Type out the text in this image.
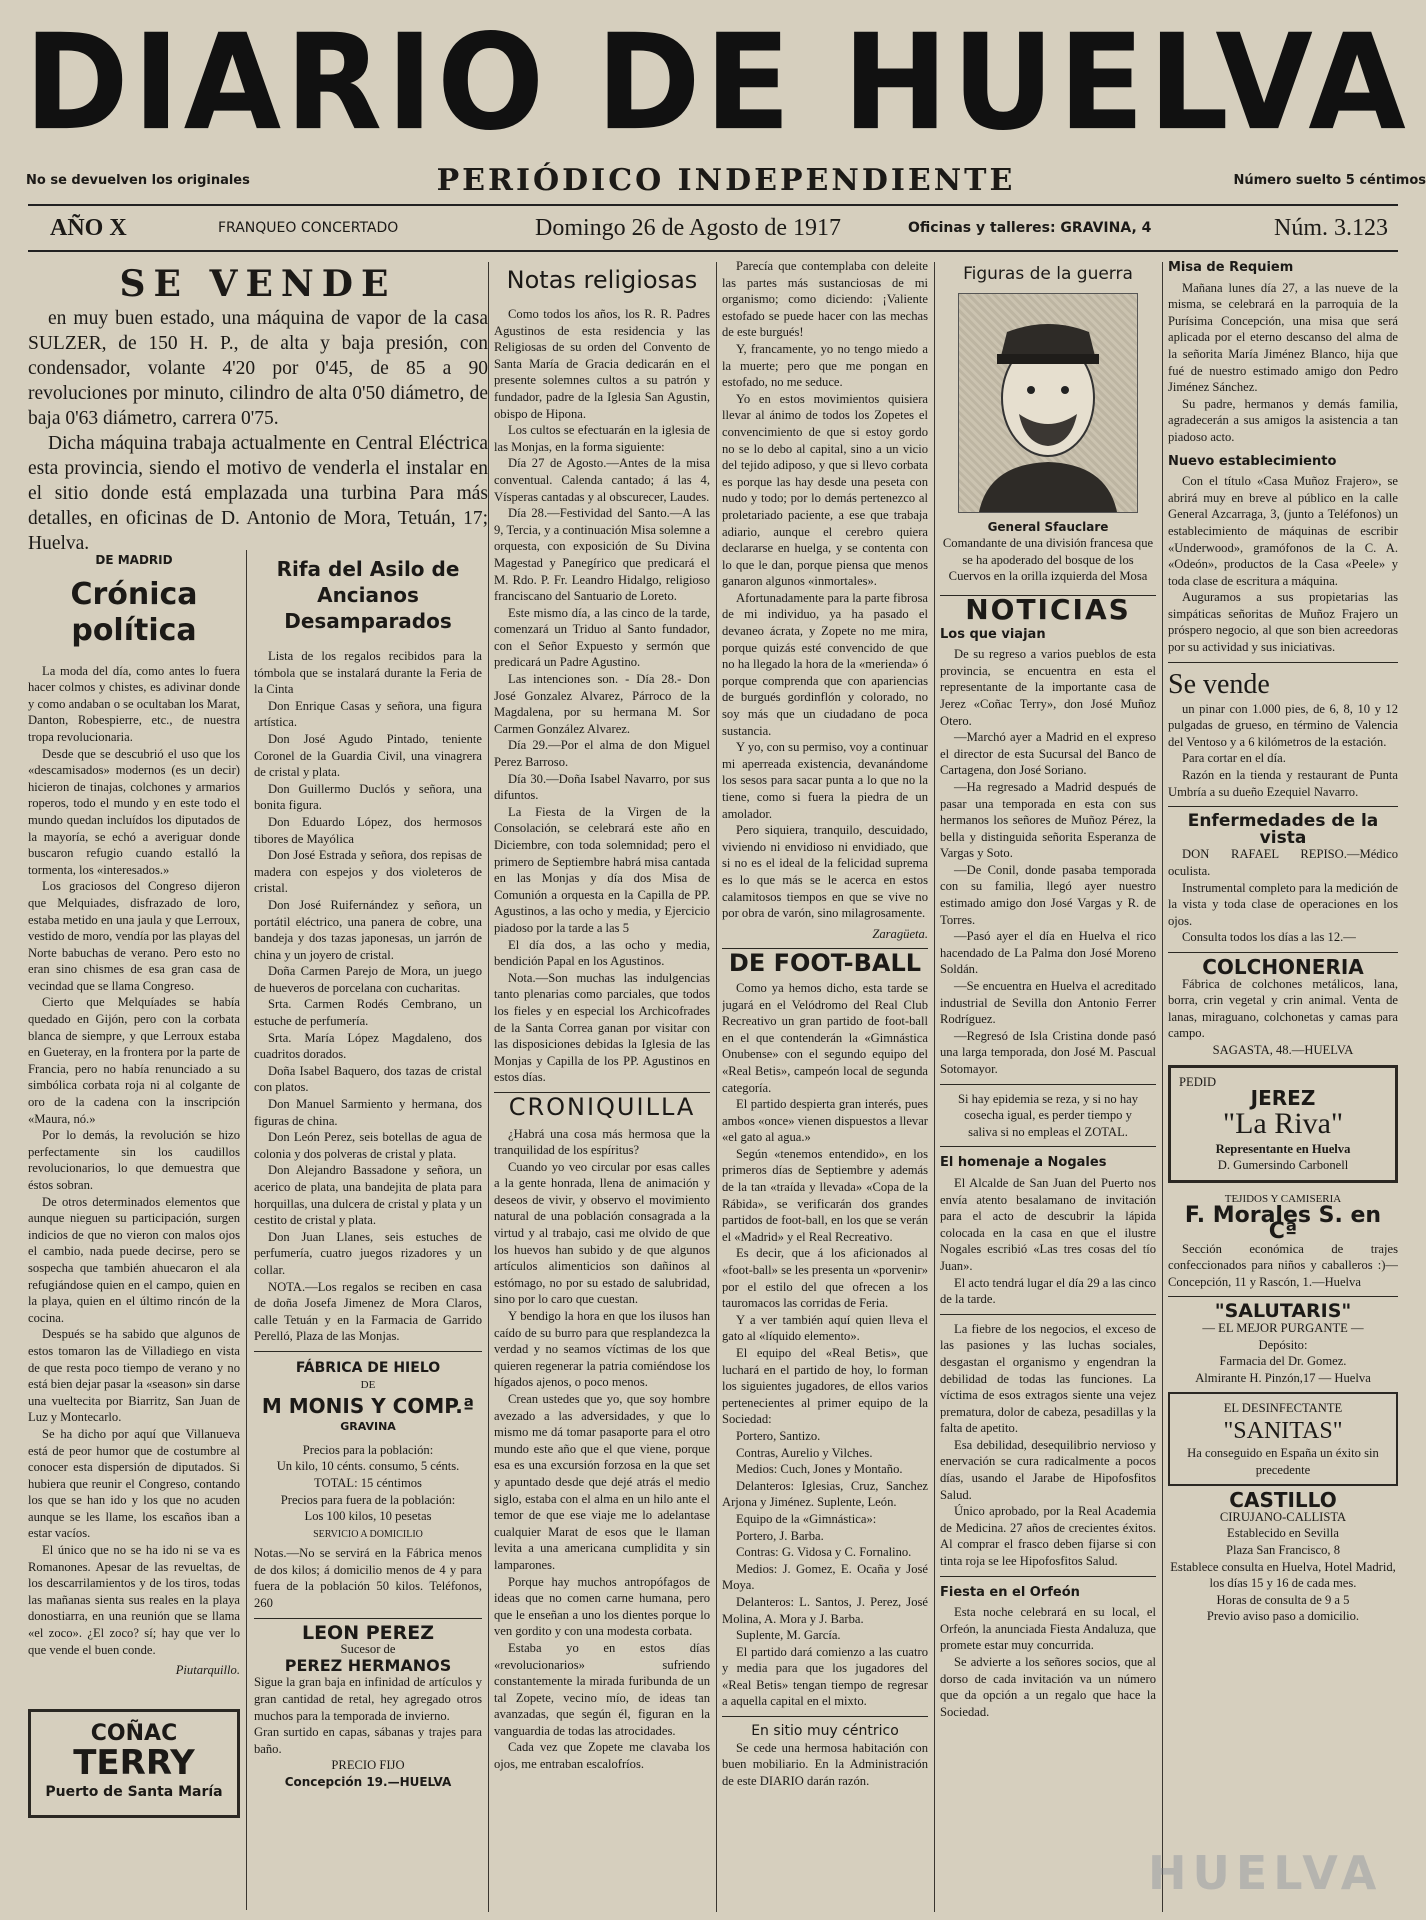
DIARIO DE HUELVA
No se devuelven los originales	PERIÓDICO INDEPENDIENTE	Número suelto 5 céntimos
AÑO X	FRANQUEO CONCERTADO	Domingo 26 de Agosto de 1917	Oficinas y talleres: GRAVINA, 4	Núm. 3.123
SE VENDE

en muy buen estado, una máquina de vapor de la casa SULZER, de 150 H. P., de alta y baja presión, con condensador, volante 4'20 por 0'45, de 85 a 90 revoluciones por minuto, cilindro de alta 0'50 diámetro, de baja 0'63 diámetro, carrera 0'75.

Dicha máquina trabaja actualmente en Central Eléctrica esta provincia, siendo el motivo de venderla el instalar en el sitio donde está emplazada una turbina Para más detalles, en oficinas de D. Antonio de Mora, Tetuán, 17; Huelva.

DE MADRID
Crónica política

La moda del día, como antes lo fuera hacer colmos y chistes, es adivinar donde y como andaban o se ocultaban los Marat, Danton, Robespierre, etc., de nuestra tropa revolucionaria.

Desde que se descubrió el uso que los «descamisados» modernos (es un decir) hicieron de tinajas, colchones y armarios roperos, todo el mundo y en este todo el mundo quedan incluídos los diputados de la mayoría, se echó a averiguar donde buscaron refugio cuando estalló la tormenta, los «interesados.»

Los graciosos del Congreso dijeron que Melquiades, disfrazado de loro, estaba metido en una jaula y que Lerroux, vestido de moro, vendía por las playas del Norte babuchas de verano. Pero esto no eran sino chismes de esa gran casa de vecindad que se llama Congreso.

Cierto que Melquíades se había quedado en Gijón, pero con la corbata blanca de siempre, y que Lerroux estaba en Gueteray, en la frontera por la parte de Francia, pero no había renunciado a su simbólica corbata roja ni al colgante de oro de la cadena con la inscripción «Maura, nó.»

Por lo demás, la revolución se hizo perfectamente sin los caudillos revolucionarios, lo que demuestra que éstos sobran.

De otros determinados elementos que aunque nieguen su participación, surgen indicios de que no vieron con malos ojos el cambio, nada puede decirse, pero se sospecha que también ahuecaron el ala refugiándose quien en el campo, quien en la playa, quien en el último rincón de la cocina.

Después se ha sabido que algunos de estos tomaron las de Villadiego en vista de que resta poco tiempo de verano y no está bien dejar pasar la «season» sin darse una vueltecita por Biarritz, San Juan de Luz y Montecarlo.

Se ha dicho por aquí que Villanueva está de peor humor que de costumbre al conocer esta dispersión de diputados. Si hubiera que reunir el Congreso, contando los que se han ido y los que no acuden aunque se les llame, los escaños iban a estar vacíos.

El único que no se ha ido ni se va es Romanones. Apesar de las revueltas, de los descarrilamientos y de los tiros, todas las mañanas sienta sus reales en la playa donostiarra, en una reunión que se llama «el zoco». ¿El zoco? sí; hay que ver lo que vende el buen conde.

Piutarquillo.
COÑAC
TERRY
Puerto de Santa María
Rifa del Asilo de Ancianos Desamparados

Lista de los regalos recibidos para la tómbola que se instalará durante la Feria de la Cinta

Don Enrique Casas y señora, una figura artística.

Don José Agudo Pintado, teniente Coronel de la Guardia Civil, una vinagrera de cristal y plata.

Don Guillermo Duclós y señora, una bonita figura.

Don Eduardo López, dos hermosos tibores de Mayólica

Don José Estrada y señora, dos repisas de madera con espejos y dos violeteros de cristal.

Don José Ruifernández y señora, un portátil eléctrico, una panera de cobre, una bandeja y dos tazas japonesas, un jarrón de china y un joyero de cristal.

Doña Carmen Parejo de Mora, un juego de hueveros de porcelana con cucharitas.

Srta. Carmen Rodés Cembrano, un estuche de perfumería.

Srta. María López Magdaleno, dos cuadritos dorados.

Doña Isabel Baquero, dos tazas de cristal con platos.

Don Manuel Sarmiento y hermana, dos figuras de china.

Don León Perez, seis botellas de agua de colonia y dos polveras de cristal y plata.

Don Alejandro Bassadone y señora, un acerico de plata, una bandejita de plata para horquillas, una dulcera de cristal y plata y un cestito de cristal y plata.

Don Juan Llanes, seis estuches de perfumería, cuatro juegos rizadores y un collar.

NOTA.—Los regalos se reciben en casa de doña Josefa Jimenez de Mora Claros, calle Tetuán y en la Farmacia de Garrido Perelló, Plaza de las Monjas.

FÁBRICA DE HIELO
DE
M MONIS Y COMP.ª
GRAVINA
Precios para la población:
Un kilo, 10 cénts. consumo, 5 cénts.
TOTAL: 15 céntimos
Precios para fuera de la población:
Los 100 kilos, 10 pesetas
SERVICIO A DOMICILIO
Notas.—No se servirá en la Fábrica menos de dos kilos; á domicilio menos de 4 y para fuera de la población 50 kilos. Teléfonos, 260
LEON PEREZ
Sucesor de
PEREZ HERMANOS
Sigue la gran baja en infinidad de artículos y gran cantidad de retal, hey agregado otros muchos para la temporada de invierno.
Gran surtido en capas, sábanas y trajes para baño.
PRECIO FIJO
Concepción 19.—HUELVA
Notas religiosas

Como todos los años, los R. R. Padres Agustinos de esta residencia y las Religiosas de su orden del Convento de Santa María de Gracia dedicarán en el presente solemnes cultos a su patrón y fundador, padre de la Iglesia San Agustin, obispo de Hipona.

Los cultos se efectuarán en la iglesia de las Monjas, en la forma siguiente:

Día 27 de Agosto.—Antes de la misa conventual. Calenda cantado; á las 4, Vísperas cantadas y al obscurecer, Laudes.

Día 28.—Festividad del Santo.—A las 9, Tercia, y a continuación Misa solemne a orquesta, con exposición de Su Divina Magestad y Panegírico que predicará el M. Rdo. P. Fr. Leandro Hidalgo, religioso franciscano del Santuario de Loreto.

Este mismo día, a las cinco de la tarde, comenzará un Triduo al Santo fundador, con el Señor Expuesto y sermón que predicará un Padre Agustino.

Las intenciones son. - Día 28.- Don José Gonzalez Alvarez, Párroco de la Magdalena, por su hermana M. Sor Carmen González Alvarez.

Día 29.—Por el alma de don Miguel Perez Barroso.

Día 30.—Doña Isabel Navarro, por sus difuntos.

La Fiesta de la Virgen de la Consolación, se celebrará este año en Diciembre, con toda solemnidad; pero el primero de Septiembre habrá misa cantada en las Monjas y día dos Misa de Comunión a orquesta en la Capilla de PP. Agustinos, a las ocho y media, y Ejercicio piadoso por la tarde a las 5

El día dos, a las ocho y media, bendición Papal en los Agustinos.

Nota.—Son muchas las indulgencias tanto plenarias como parciales, que todos los fieles y en especial los Archicofrades de la Santa Correa ganan por visitar con las disposiciones debidas la Iglesia de las Monjas y Capilla de los PP. Agustinos en estos días.

CRONIQUILLA

¿Habrá una cosa más hermosa que la tranquilidad de los espíritus?

Cuando yo veo circular por esas calles a la gente honrada, llena de animación y deseos de vivir, y observo el movimiento natural de una población consagrada a la virtud y al trabajo, casi me olvido de que los huevos han subido y de que algunos artículos alimenticios son dañinos al estómago, no por su estado de salubridad, sino por lo caro que cuestan.

Y bendigo la hora en que los ilusos han caído de su burro para que resplandezca la verdad y no seamos víctimas de los que quieren regenerar la patria comiéndose los hígados ajenos, o poco menos.

Crean ustedes que yo, que soy hombre avezado a las adversidades, y que lo mismo me dá tomar pasaporte para el otro mundo este año que el que viene, porque esa es una excursión forzosa en la que set y apuntado desde que dejé atrás el medio siglo, estaba con el alma en un hilo ante el temor de que ese viaje me lo adelantase cualquier Marat de esos que le llaman levita a una americana cumplidita y sin lamparones.

Porque hay muchos antropófagos de ideas que no comen carne humana, pero que le enseñan a uno los dientes porque lo ven gordito y con una modesta corbata.

Estaba yo en estos días «revolucionarios» sufriendo constantemente la mirada furibunda de un tal Zopete, vecino mío, de ideas tan avanzadas, que según él, figuran en la vanguardia de todas las atrocidades.

Cada vez que Zopete me clavaba los ojos, me entraban escalofríos.

Parecía que contemplaba con deleite las partes más sustanciosas de mi organismo; como diciendo: ¡Valiente estofado se puede hacer con las mechas de este burgués!

Y, francamente, yo no tengo miedo a la muerte; pero que me pongan en estofado, no me seduce.

Yo en estos movimientos quisiera llevar al ánimo de todos los Zopetes el convencimiento de que si estoy gordo no se lo debo al capital, sino a un vicio del tejido adiposo, y que si llevo corbata es porque las hay desde una peseta con nudo y todo; por lo demás pertenezco al proletariado paciente, a ese que trabaja adiario, aunque el cerebro quiera declararse en huelga, y se contenta con lo que le dan, porque piensa que menos ganaron algunos «inmortales».

Afortunadamente para la parte fibrosa de mi individuo, ya ha pasado el devaneo ácrata, y Zopete no me mira, porque quizás esté convencido de que no ha llegado la hora de la «merienda» ó porque comprenda que con apariencias de burgués gordinflón y colorado, no soy más que un ciudadano de poca sustancia.

Y yo, con su permiso, voy a continuar mi aperreada existencia, devanándome los sesos para sacar punta a lo que no la tiene, como si fuera la piedra de un amolador.

Pero siquiera, tranquilo, descuidado, viviendo ni envidioso ni envidiado, que si no es el ideal de la felicidad suprema es lo que más se le acerca en estos calamitosos tiempos en que se vive no por obra de varón, sino milagrosamente.

Zaragüeta.
DE FOOT-BALL

Como ya hemos dicho, esta tarde se jugará en el Velódromo del Real Club Recreativo un gran partido de foot-ball en el que contenderán la «Gimnástica Onubense» con el segundo equipo del «Real Betis», campeón local de segunda categoría.

El partido despierta gran interés, pues ambos «once» vienen dispuestos a llevar «el gato al agua.»

Según «tenemos entendido», en los primeros días de Septiembre y además de la tan «traída y llevada» «Copa de la Rábida», se verificarán dos grandes partidos de foot-ball, en los que se verán el «Madrid» y el Real Recreativo.

Es decir, que á los aficionados al «foot-ball» se les presenta un «porvenir» por el estilo del que ofrecen a los tauromacos las corridas de Feria.

Y a ver también aquí quien lleva el gato al «líquido elemento».

El equipo del «Real Betis», que luchará en el partido de hoy, lo forman los siguientes jugadores, de ellos varios pertenecientes al primer equipo de la Sociedad:

Portero, Santizo.

Contras, Aurelio y Vilches.

Medios: Cuch, Jones y Montaño.

Delanteros: Iglesias, Cruz, Sanchez Arjona y Jiménez. Suplente, León.

Equipo de la «Gimnástica»:

Portero, J. Barba.

Contras: G. Vidosa y C. Fornalino.

Medios: J. Gomez, E. Ocaña y José Moya.

Delanteros: L. Santos, J. Perez, José Molina, A. Mora y J. Barba.

Suplente, M. García.

El partido dará comienzo a las cuatro y media para que los jugadores del «Real Betis» tengan tiempo de regresar a aquella capital en el mixto.

En sitio muy céntrico

Se cede una hermosa habitación con buen mobiliario. En la Administración de este DIARIO darán razón.

Figuras de la guerra
General Sfauclare
Comandante de una división francesa que se ha apoderado del bosque de los Cuervos en la orilla izquierda del Mosa
NOTICIAS
Los que viajan

De su regreso a varios pueblos de esta provincia, se encuentra en esta el representante de la importante casa de Jerez «Coñac Terry», don José Muñoz Otero.

—Marchó ayer a Madrid en el expreso el director de esta Sucursal del Banco de Cartagena, don José Soriano.

—Ha regresado a Madrid después de pasar una temporada en esta con sus hermanos los señores de Muñoz Pérez, la bella y distinguida señorita Esperanza de Vargas y Soto.

—De Conil, donde pasaba temporada con su familia, llegó ayer nuestro estimado amigo don José Vargas y R. de Torres.

—Pasó ayer el día en Huelva el rico hacendado de La Palma don José Moreno Soldán.

—Se encuentra en Huelva el acreditado industrial de Sevilla don Antonio Ferrer Rodríguez.

—Regresó de Isla Cristina donde pasó una larga temporada, don José M. Pascual Sotomayor.

Si hay epidemia se reza, y si no hay cosecha igual, es perder tiempo y saliva si no empleas el ZOTAL.
El homenaje a Nogales

El Alcalde de San Juan del Puerto nos envía atento besalamano de invitación para el acto de descubrir la lápida colocada en la casa en que el ilustre Nogales escribió «Las tres cosas del tío Juan».

El acto tendrá lugar el día 29 a las cinco de la tarde.

La fiebre de los negocios, el exceso de las pasiones y las luchas sociales, desgastan el organismo y engendran la debilidad de todas las funciones. La víctima de esos extragos siente una vejez prematura, dolor de cabeza, pesadillas y la falta de apetito.

Esa debilidad, desequilibrio nervioso y enervación se cura radicalmente a pocos días, usando el Jarabe de Hipofosfitos Salud.

Único aprobado, por la Real Academia de Medicina. 27 años de crecientes éxitos. Al comprar el frasco deben fijarse si con tinta roja se lee Hipofosfitos Salud.

Fiesta en el Orfeón

Esta noche celebrará en su local, el Orfeón, la anunciada Fiesta Andaluza, que promete estar muy concurrida.

Se advierte a los señores socios, que al dorso de cada invitación va un número que da opción a un regalo que hace la Sociedad.

Misa de Requiem

Mañana lunes día 27, a las nueve de la misma, se celebrará en la parroquia de la Purísima Concepción, una misa que será aplicada por el eterno descanso del alma de la señorita María Jiménez Blanco, hija que fué de nuestro estimado amigo don Pedro Jiménez Sánchez.

Su padre, hermanos y demás familia, agradecerán a sus amigos la asistencia a tan piadoso acto.

Nuevo establecimiento

Con el título «Casa Muñoz Frajero», se abrirá muy en breve al público en la calle General Azcarraga, 3, (junto a Teléfonos) un establecimiento de máquinas de escribir «Underwood», gramófonos de la C. A. «Odeón», productos de la Casa «Peele» y toda clase de escritura a máquina.

Auguramos a sus propietarias las simpáticas señoritas de Muñoz Frajero un próspero negocio, al que son bien acreedoras por su actividad y sus iniciativas.

Se vende

un pinar con 1.000 pies, de 6, 8, 10 y 12 pulgadas de grueso, en término de Valencia del Ventoso y a 6 kilómetros de la estación.

Para cortar en el día.

Razón en la tienda y restaurant de Punta Umbría a su dueño Ezequiel Navarro.

Enfermedades de la vista

DON RAFAEL REPISO.—Médico oculista.

Instrumental completo para la medición de la vista y toda clase de operaciones en los ojos.

Consulta todos los días a las 12.—

COLCHONERIA

Fábrica de colchones metálicos, lana, borra, crin vegetal y crin animal. Venta de lanas, miraguano, colchonetas y camas para campo.

SAGASTA, 48.—HUELVA
PEDID
JEREZ
"La Riva"
Representante en Huelva
D. Gumersindo Carbonell
TEJIDOS Y CAMISERIA
F. Morales S. en Cª

Sección económica de trajes confeccionados para niños y caballeros :)— Concepción, 11 y Rascón, 1.—Huelva

"SALUTARIS"
— EL MEJOR PURGANTE —
Depósito:
Farmacia del Dr. Gomez.
Almirante H. Pinzón,17 — Huelva
EL DESINFECTANTE
"SANITAS"
Ha conseguido en España un éxito sin precedente
CASTILLO
CIRUJANO-CALLISTA
Establecido en Sevilla
Plaza San Francisco, 8
Establece consulta en Huelva, Hotel Madrid, los días 15 y 16 de cada mes.
Horas de consulta de 9 a 5
Previo aviso paso a domicilio.
HUELVA
